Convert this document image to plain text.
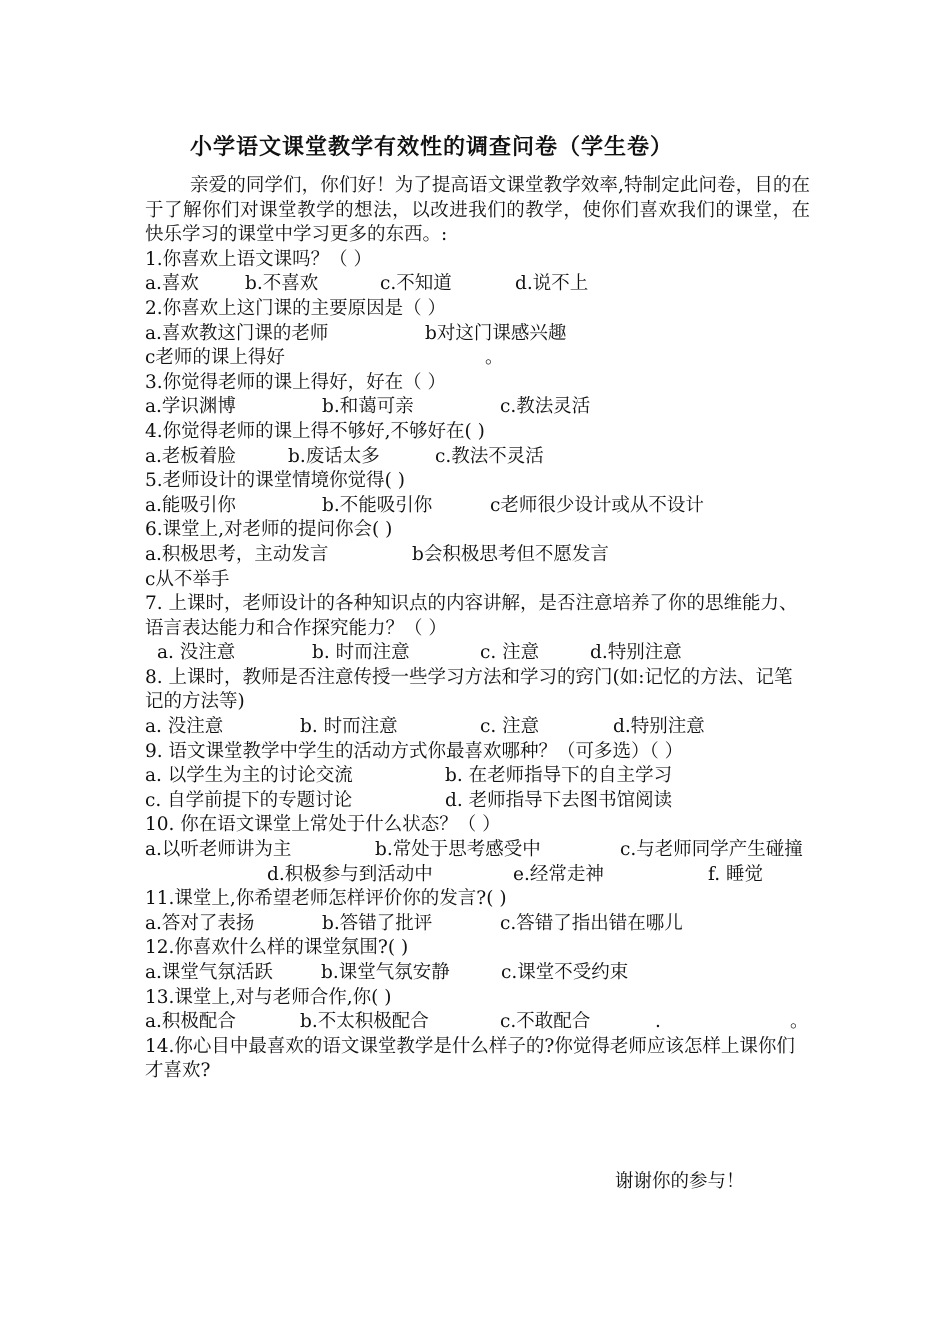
小学语文课堂教学有效性的调查问卷（学生卷）
亲爱的同学们，你们好！为了提高语文课堂教学效率,特制定此问卷，目的在于了解你们对课堂教学的想法，以改进我们的教学，使你们喜欢我们的课堂，在快乐学习的课堂中学习更多的东西。:
1.你喜欢上语文课吗？（ ）
a.喜欢 b.不喜欢	c.不知道	d.说不上
2.你喜欢上这门课的主要原因是（ ）
a.喜欢教这门课的老师	b对这门课感兴趣
c老师的课上得好	。
3.你觉得老师的课上得好，好在（ ）
a.学识渊博	b.和蔼可亲	c.教法灵活
4.你觉得老师的课上得不够好,不够好在( )
a.老板着脸	b.废话太多	c.教法不灵活
5.老师设计的课堂情境你觉得( )
a.能吸引你	b.不能吸引你	c老师很少设计或从不设计
6.课堂上,对老师的提问你会( )
a.积极思考，主动发言	b会积极思考但不愿发言
c从不举手
7. 上课时，老师设计的各种知识点的内容讲解，是否注意培养了你的思维能力、语言表达能力和合作探究能力？（ ）
a. 没注意	b. 时而注意	c. 注意	d.特别注意
8. 上课时，教师是否注意传授一些学习方法和学习的窍门(如:记忆的方法、记笔记的方法等)
a. 没注意	b. 时而注意	c. 注意	d.特别注意
9. 语文课堂教学中学生的活动方式你最喜欢哪种？（可多选）（ ）
a. 以学生为主的讨论交流	b. 在老师指导下的自主学习
c. 自学前提下的专题讨论	d. 老师指导下去图书馆阅读
10. 你在语文课堂上常处于什么状态？（ ）
a.以听老师讲为主	b.常处于思考感受中	c.与老师同学产生碰撞d.积极参与到活动中	e.经常走神	f. 睡觉
11.课堂上,你希望老师怎样评价你的发言?( )
a.答对了表扬	b.答错了批评	c.答错了指出错在哪儿
12.你喜欢什么样的课堂氛围?( )
a.课堂气氛活跃	b.课堂气氛安静	c.课堂不受约束
13.课堂上,对与老师合作,你( )
a.积极配合	b.不太积极配合	c.不敢配合	.	。
14.你心目中最喜欢的语文课堂教学是什么样子的?你觉得老师应该怎样上课你们才喜欢?
谢谢你的参与！
